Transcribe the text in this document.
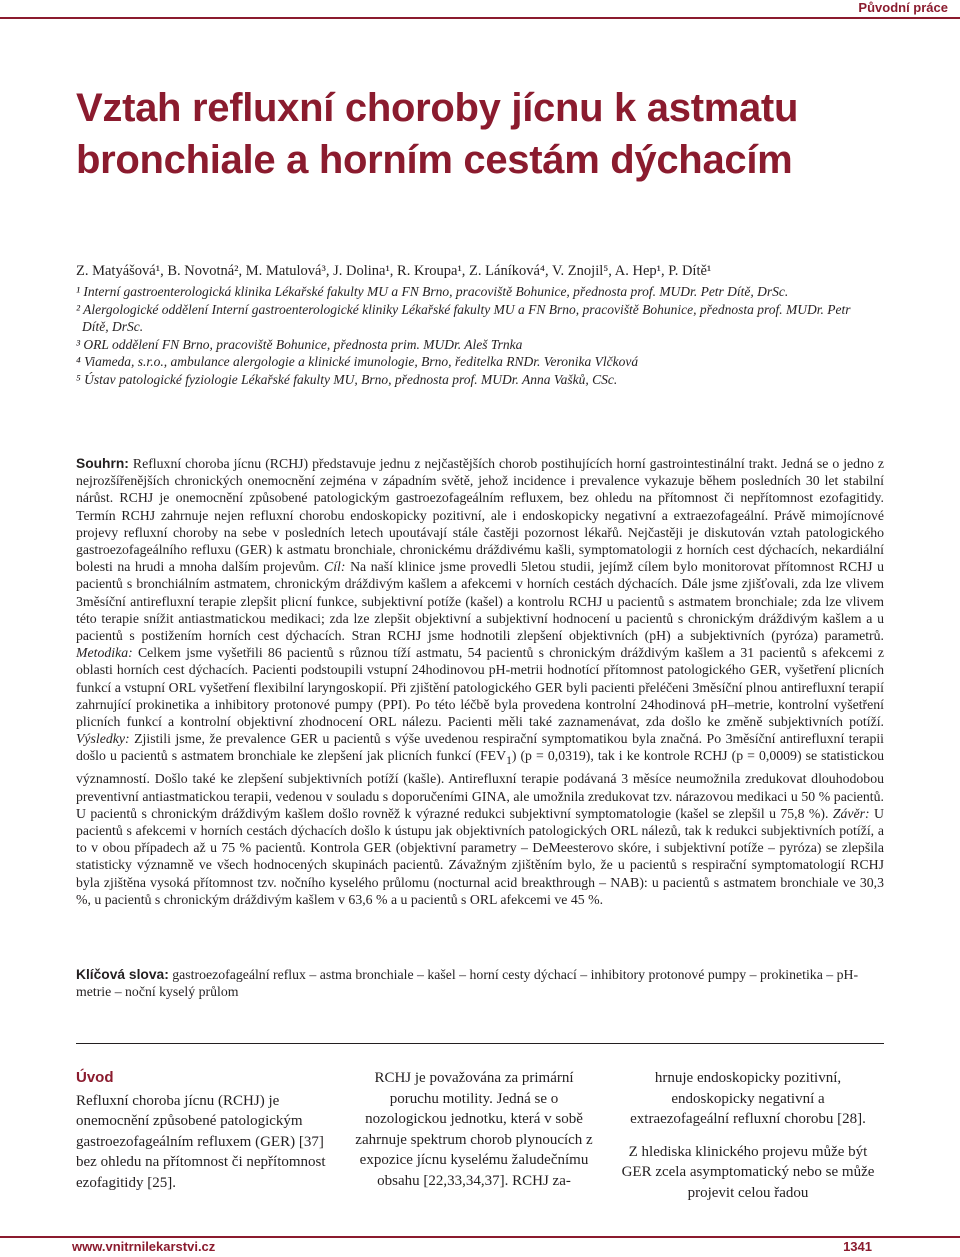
Původní práce
Vztah refluxní choroby jícnu k astmatu bronchiale a horním cestám dýchacím
Z. Matyášová¹, B. Novotná², M. Matulová³, J. Dolina¹, R. Kroupa¹, Z. Láníková⁴, V. Znojil⁵, A. Hep¹, P. Dítě¹
¹ Interní gastroenterologická klinika Lékařské fakulty MU a FN Brno, pracoviště Bohunice, přednosta prof. MUDr. Petr Dítě, DrSc.
² Alergologické oddělení Interní gastroenterologické kliniky Lékařské fakulty MU a FN Brno, pracoviště Bohunice, přednosta prof. MUDr. Petr Dítě, DrSc.
³ ORL oddělení FN Brno, pracoviště Bohunice, přednosta prim. MUDr. Aleš Trnka
⁴ Viameda, s.r.o., ambulance alergologie a klinické imunologie, Brno, ředitelka RNDr. Veronika Vlčková
⁵ Ústav patologické fyziologie Lékařské fakulty MU, Brno, přednosta prof. MUDr. Anna Vašků, CSc.
Souhrn: Refluxní choroba jícnu (RCHJ) představuje jednu z nejčastějších chorob postihujících horní gastrointestinální trakt. Jedná se o jedno z nejrozšířenějších chronických onemocnění zejména v západním světě, jehož incidence i prevalence vykazuje během posledních 30 let stabilní nárůst. RCHJ je onemocnění způsobené patologickým gastroezofageálním refluxem, bez ohledu na přítomnost či nepřítomnost ezofagitidy. Termín RCHJ zahrnuje nejen refluxní chorobu endoskopicky pozitivní, ale i endoskopicky negativní a extraezofageální. Právě mimojícnové projevy refluxní choroby na sebe v posledních letech upoutávají stále častěji pozornost lékařů. Nejčastěji je diskutován vztah patologického gastroezofageálního refluxu (GER) k astmatu bronchiale, chronickému dráždivému kašli, symptomatologii z horních cest dýchacích, nekardiální bolesti na hrudi a mnoha dalším projevům. Cíl: Na naší klinice jsme provedli 5letou studii, jejímž cílem bylo monitorovat přítomnost RCHJ u pacientů s bronchiálním astmatem, chronickým dráždivým kašlem a afekcemi v horních cestách dýchacích. Dále jsme zjišťovali, zda lze vlivem 3měsíční antirefluxní terapie zlepšit plicní funkce, subjektivní potíže (kašel) a kontrolu RCHJ u pacientů s astmatem bronchiale; zda lze vlivem této terapie snížit antiastmatickou medikaci; zda lze zlepšit objektivní a subjektivní hodnocení u pacientů s chronickým dráždivým kašlem a u pacientů s postižením horních cest dýchacích. Stran RCHJ jsme hodnotili zlepšení objektivních (pH) a subjektivních (pyróza) parametrů. Metodika: Celkem jsme vyšetřili 86 pacientů s různou tíží astmatu, 54 pacientů s chronickým dráždivým kašlem a 31 pacientů s afekcemi z oblasti horních cest dýchacích. Pacienti podstoupili vstupní 24hodinovou pH-metrii hodnotící přítomnost patologického GER, vyšetření plicních funkcí a vstupní ORL vyšetření flexibilní laryngoskopií. Při zjištění patologického GER byli pacienti přeléčeni 3měsíční plnou antirefluxní terapií zahrnující prokinetika a inhibitory protonové pumpy (PPI). Po této léčbě byla provedena kontrolní 24hodinová pH–metrie, kontrolní vyšetření plicních funkcí a kontrolní objektivní zhodnocení ORL nálezu. Pacienti měli také zaznamenávat, zda došlo ke změně subjektivních potíží. Výsledky: Zjistili jsme, že prevalence GER u pacientů s výše uvedenou respirační symptomatikou byla značná. Po 3měsíční antirefluxní terapii došlo u pacientů s astmatem bronchiale ke zlepšení jak plicních funkcí $(FEV_1) (p = 0,0319)$, tak i ke kontrole RCHJ (p = 0,0009) se statistickou významností. Došlo také ke zlepšení subjektivních potíží (kašle). Antirefluxní terapie podávaná 3 měsíce neumožnila zredukovat dlouhodobou preventivní antiastmatickou terapii, vedenou v souladu s doporučeními GINA, ale umožnila zredukovat tzv. nárazovou medikaci u 50 % pacientů. U pacientů s chronickým dráždivým kašlem došlo rovněž k výrazné redukci subjektivní symptomatologie (kašel se zlepšil u 75,8 %). Závěr: U pacientů s afekcemi v horních cestách dýchacích došlo k ústupu jak objektivních patologických ORL nálezů, tak k redukci subjektivních potíží, a to v obou případech až u 75 % pacientů. Kontrola GER (objektivní parametry – DeMeesterovo skóre, i subjektivní potíže – pyróza) se zlepšila statisticky významně ve všech hodnocených skupinách pacientů. Závažným zjištěním bylo, že u pacientů s respirační symptomatologií RCHJ byla zjištěna vysoká přítomnost tzv. nočního kyselého průlomu (nocturnal acid breakthrough – NAB): u pacientů s astmatem bronchiale ve 30,3 %, u pacientů s chronickým dráždivým kašlem v 63,6 % a u pacientů s ORL afekcemi ve 45 %.
Klíčová slova: gastroezofageální reflux – astma bronchiale – kašel – horní cesty dýchací – inhibitory protonové pumpy – prokinetika – pH-metrie – noční kyselý průlom
Úvod
Refluxní choroba jícnu (RCHJ) je onemocnění způsobené patologickým gastroezofageálním refluxem (GER) [37] bez ohledu na přítomnost či nepřítomnost ezofagitidy [25].
RCHJ je považována za primární poruchu motility. Jedná se o nozologickou jednotku, která v sobě zahrnuje spektrum chorob plynoucích z expozice jícnu kyselému žaludečnímu obsahu [22,33,34,37]. RCHJ za-
hrnuje endoskopicky pozitivní, endoskopicky negativní a extraezofageální refluxní chorobu [28].
Z hlediska klinického projevu může být GER zcela asymptomatický nebo se může projevit celou řadou
www.vnitrnilekarstvi.cz	1341
